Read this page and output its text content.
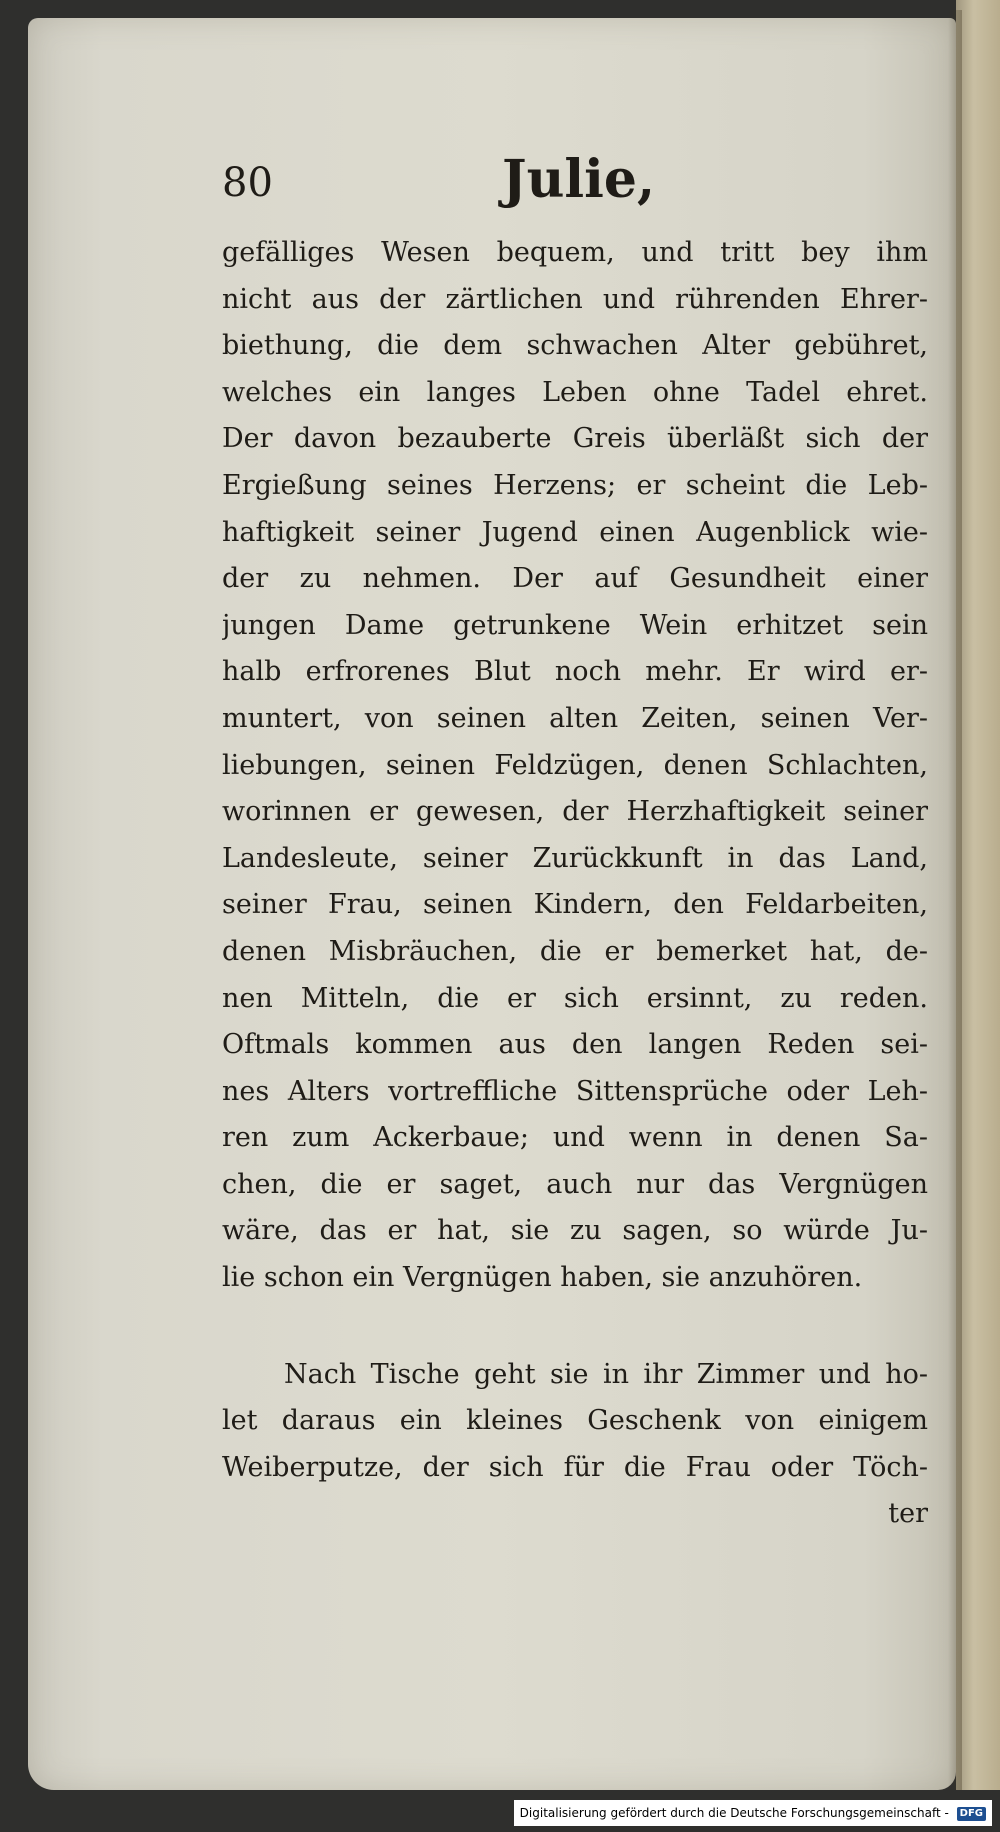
80	Julie,
gefälliges Wesen bequem, und tritt bey ihm
nicht aus der zärtlichen und rührenden Ehrer-
biethung, die dem schwachen Alter gebühret,
welches ein langes Leben ohne Tadel ehret.
Der davon bezauberte Greis überläßt sich der
Ergießung seines Herzens; er scheint die Leb-
haftigkeit seiner Jugend einen Augenblick wie-
der zu nehmen. Der auf Gesundheit einer
jungen Dame getrunkene Wein erhitzet sein
halb erfrorenes Blut noch mehr. Er wird er-
muntert, von seinen alten Zeiten, seinen Ver-
liebungen, seinen Feldzügen, denen Schlachten,
worinnen er gewesen, der Herzhaftigkeit seiner
Landesleute, seiner Zurückkunft in das Land,
seiner Frau, seinen Kindern, den Feldarbeiten,
denen Misbräuchen, die er bemerket hat, de-
nen Mitteln, die er sich ersinnt, zu reden.
Oftmals kommen aus den langen Reden sei-
nes Alters vortreffliche Sittensprüche oder Leh-
ren zum Ackerbaue; und wenn in denen Sa-
chen, die er saget, auch nur das Vergnügen
wäre, das er hat, sie zu sagen, so würde Ju-
lie schon ein Vergnügen haben, sie anzuhören.
Nach Tische geht sie in ihr Zimmer und ho-
let daraus ein kleines Geschenk von einigem
Weiberputze, der sich für die Frau oder Töch-
ter
Digitalisierung gefördert durch die Deutsche Forschungsgemeinschaft - DFG
